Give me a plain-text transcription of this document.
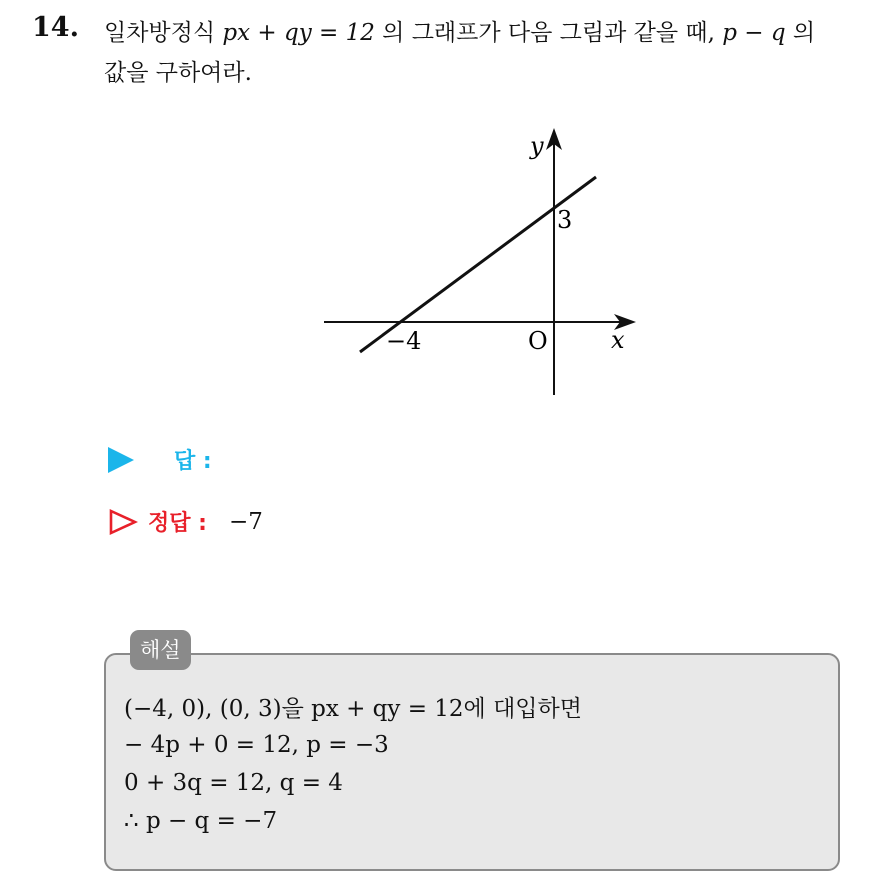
14. 일차방정식 px + qy = 12 의 그래프가 다음 그림과 같을 때, p − q 의
값을 구하여라.
y
x
O
−4
3
답 :
정답 : −7
해설
(−4, 0), (0, 3)을 px + qy = 12에 대입하면
− 4p + 0 = 12, p = −3
0 + 3q = 12, q = 4
∴ p − q = −7
